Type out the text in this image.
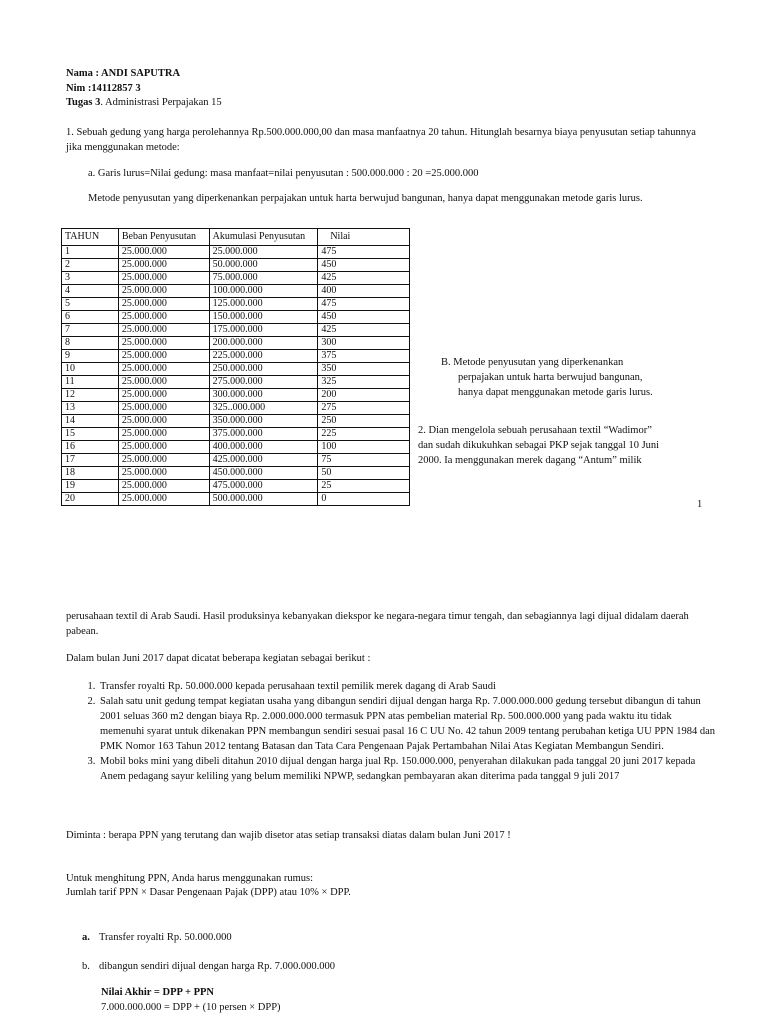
Nama : ANDI SAPUTRA
Nim :14112857 3
Tugas 3. Administrasi Perpajakan 15
1. Sebuah gedung yang harga perolehannya Rp.500.000.000,00 dan masa manfaatnya 20 tahun. Hitunglah besarnya biaya penyusutan setiap tahunnya jika menggunakan metode:
a. Garis lurus=Nilai gedung: masa manfaat=nilai penyusutan : 500.000.000 : 20 =25.000.000
Metode penyusutan yang diperkenankan perpajakan untuk harta berwujud bangunan, hanya dapat menggunakan metode garis lurus.
TAHUN	Beban Penyusutan	Akumulasi Penyusutan	Nilai
1	25.000.000	25.000.000	475
2	25.000.000	50.000.000	450
3	25.000.000	75.000.000	425
4	25.000.000	100.000.000	400
5	25.000.000	125.000.000	475
6	25.000.000	150.000.000	450
7	25.000.000	175.000.000	425
8	25.000.000	200.000.000	300
9	25.000.000	225.000.000	375
10	25.000.000	250.000.000	350
11	25.000.000	275.000.000	325
12	25.000.000	300.000.000	200
13	25.000.000	325..000.000	275
14	25.000.000	350.000.000	250
15	25.000.000	375.000.000	225
16	25.000.000	400.000.000	100
17	25.000.000	425.000.000	75
18	25.000.000	450.000.000	50
19	25.000.000	475.000.000	25
20	25.000.000	500.000.000	0
B. Metode penyusutan yang diperkenankan
perpajakan untuk harta berwujud bangunan,
hanya dapat menggunakan metode garis lurus.
2. Dian mengelola sebuah perusahaan textil “Wadimor”
dan sudah dikukuhkan sebagai PKP sejak tanggal 10 Juni
2000. Ia menggunakan merek dagang “Antum” milik
1
perusahaan textil di Arab Saudi. Hasil produksinya kebanyakan diekspor ke negara-negara timur tengah, dan sebagiannya lagi dijual didalam daerah pabean.
Dalam bulan Juni 2017 dapat dicatat beberapa kegiatan sebagai berikut :
1. Transfer royalti Rp. 50.000.000 kepada perusahaan textil pemilik merek dagang di Arab Saudi
2. Salah satu unit gedung tempat kegiatan usaha yang dibangun sendiri dijual dengan harga Rp. 7.000.000.000 gedung tersebut dibangun di tahun 2001 seluas 360 m2 dengan biaya Rp. 2.000.000.000 termasuk PPN atas pembelian material Rp. 500.000.000 yang pada waktu itu tidak memenuhi syarat untuk dikenakan PPN membangun sendiri sesuai pasal 16 C UU No. 42 tahun 2009 tentang perubahan ketiga UU PPN 1984 dan PMK Nomor 163 Tahun 2012 tentang Batasan dan Tata Cara Pengenaan Pajak Pertambahan Nilai Atas Kegiatan Membangun Sendiri.
3. Mobil boks mini yang dibeli ditahun 2010 dijual dengan harga jual Rp. 150.000.000, penyerahan dilakukan pada tanggal 20 juni 2017 kepada Anem pedagang sayur keliling yang belum memiliki NPWP, sedangkan pembayaran akan diterima pada tanggal 9 juli 2017
Diminta : berapa PPN yang terutang dan wajib disetor atas setiap transaksi diatas dalam bulan Juni 2017 !
Untuk menghitung PPN, Anda harus menggunakan rumus:
Jumlah tarif PPN × Dasar Pengenaan Pajak (DPP) atau 10% × DPP.
a. Transfer royalti Rp. 50.000.000
b. dibangun sendiri dijual dengan harga Rp. 7.000.000.000
Nilai Akhir = DPP + PPN
7.000.000.000 = DPP + (10 persen × DPP)
